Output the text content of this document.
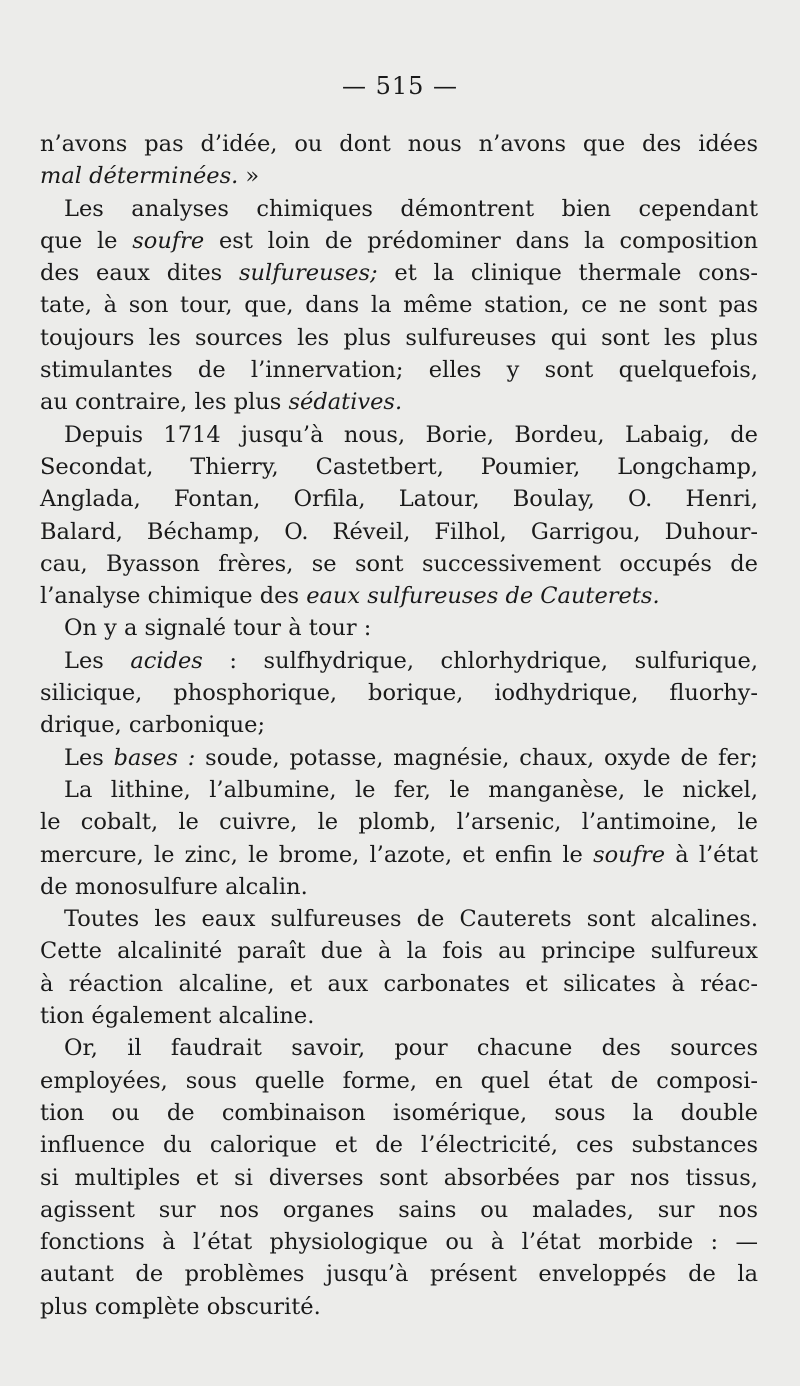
— 515 —
n’avons pas d’idée, ou dont nous n’avons que des idées
mal déterminées. »
Les analyses chimiques démontrent bien cependant
que le soufre est loin de prédominer dans la composition
des eaux dites sulfureuses; et la clinique thermale cons-
tate, à son tour, que, dans la même station, ce ne sont pas
toujours les sources les plus sulfureuses qui sont les plus
stimulantes de l’innervation; elles y sont quelquefois,
au contraire, les plus sédatives.
Depuis 1714 jusqu’à nous, Borie, Bordeu, Labaig, de
Secondat, Thierry, Castetbert, Poumier, Longchamp,
Anglada, Fontan, Orfila, Latour, Boulay, O. Henri,
Balard, Béchamp, O. Réveil, Filhol, Garrigou, Duhour-
cau, Byasson frères, se sont successivement occupés de
l’analyse chimique des eaux sulfureuses de Cauterets.
On y a signalé tour à tour :
Les acides : sulfhydrique, chlorhydrique, sulfurique,
silicique, phosphorique, borique, iodhydrique, fluorhy-
drique, carbonique;
Les bases : soude, potasse, magnésie, chaux, oxyde de fer;
La lithine, l’albumine, le fer, le manganèse, le nickel,
le cobalt, le cuivre, le plomb, l’arsenic, l’antimoine, le
mercure, le zinc, le brome, l’azote, et enfin le soufre à l’état
de monosulfure alcalin.
Toutes les eaux sulfureuses de Cauterets sont alcalines.
Cette alcalinité paraît due à la fois au principe sulfureux
à réaction alcaline, et aux carbonates et silicates à réac-
tion également alcaline.
Or, il faudrait savoir, pour chacune des sources
employées, sous quelle forme, en quel état de composi-
tion ou de combinaison isomérique, sous la double
influence du calorique et de l’électricité, ces substances
si multiples et si diverses sont absorbées par nos tissus,
agissent sur nos organes sains ou malades, sur nos
fonctions à l’état physiologique ou à l’état morbide : —
autant de problèmes jusqu’à présent enveloppés de la
plus complète obscurité.
